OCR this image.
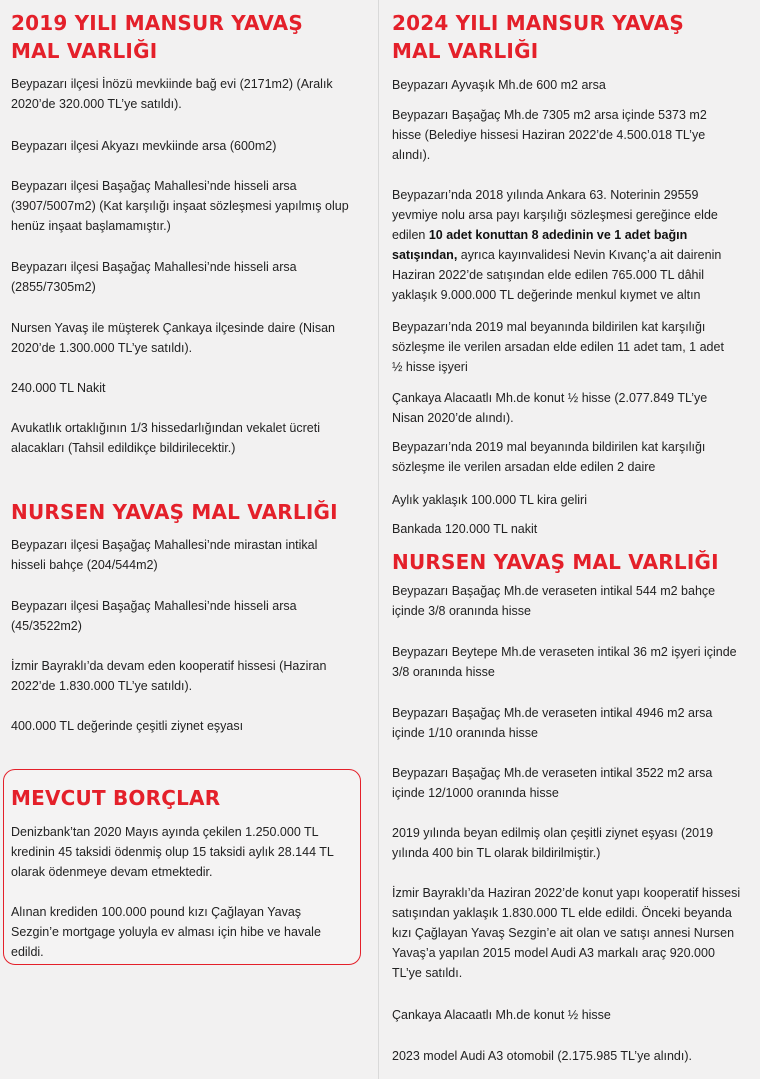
2019 YILI MANSUR YAVAŞ
MAL VARLIĞI

Beypazarı ilçesi İnözü mevkiinde bağ evi (2171m2) (Aralık 2020’de 320.000 TL’ye satıldı).

Beypazarı ilçesi Akyazı mevkiinde arsa (600m2)

Beypazarı ilçesi Başağaç Mahallesi’nde hisseli arsa (3907/5007m2) (Kat karşılığı inşaat sözleşmesi yapılmış olup henüz inşaat başlamamıştır.)

Beypazarı ilçesi Başağaç Mahallesi’nde hisseli arsa (2855/7305m2)

Nursen Yavaş ile müşterek Çankaya ilçesinde daire (Nisan 2020’de 1.300.000 TL’ye satıldı).

240.000 TL Nakit

Avukatlık ortaklığının 1/3 hissedarlığından vekalet ücreti alacakları (Tahsil edildikçe bildirilecektir.)

NURSEN YAVAŞ MAL VARLIĞI

Beypazarı ilçesi Başağaç Mahallesi’nde mirastan intikal hisseli bahçe (204/544m2)

Beypazarı ilçesi Başağaç Mahallesi’nde hisseli arsa (45/3522m2)

İzmir Bayraklı’da devam eden kooperatif hissesi (Haziran 2022’de 1.830.000 TL’ye satıldı).

400.000 TL değerinde çeşitli ziynet eşyası

MEVCUT BORÇLAR

Denizbank’tan 2020 Mayıs ayında çekilen 1.250.000 TL kredinin 45 taksidi ödenmiş olup 15 taksidi aylık 28.144 TL olarak ödenmeye devam etmektedir.

Alınan krediden 100.000 pound kızı Çağlayan Yavaş Sezgin’e mortgage yoluyla ev alması için hibe ve havale edildi.

2024 YILI MANSUR YAVAŞ
MAL VARLIĞI

Beypazarı Ayvaşık Mh.de 600 m2 arsa

Beypazarı Başağaç Mh.de 7305 m2 arsa içinde 5373 m2 hisse (Belediye hissesi Haziran 2022’de 4.500.018 TL’ye alındı).

Beypazarı’nda 2018 yılında Ankara 63. Noterinin 29559 yevmiye nolu arsa payı karşılığı sözleşmesi gereğince elde edilen 10 adet konuttan 8 adedinin ve 1 adet bağın satışından, ayrıca kayınvalidesi Nevin Kıvanç’a ait dairenin Haziran 2022’de satışından elde edilen 765.000 TL dâhil yaklaşık 9.000.000 TL değerinde menkul kıymet ve altın

Beypazarı’nda 2019 mal beyanında bildirilen kat karşılığı sözleşme ile verilen arsadan elde edilen 11 adet tam, 1 adet ½ hisse işyeri

Çankaya Alacaatlı Mh.de konut ½ hisse (2.077.849 TL’ye Nisan 2020’de alındı).

Beypazarı’nda 2019 mal beyanında bildirilen kat karşılığı sözleşme ile verilen arsadan elde edilen 2 daire

Aylık yaklaşık 100.000 TL kira geliri

Bankada 120.000 TL nakit

NURSEN YAVAŞ MAL VARLIĞI

Beypazarı Başağaç Mh.de veraseten intikal 544 m2 bahçe içinde 3/8 oranında hisse

Beypazarı Beytepe Mh.de veraseten intikal 36 m2 işyeri içinde 3/8 oranında hisse

Beypazarı Başağaç Mh.de veraseten intikal 4946 m2 arsa içinde 1/10 oranında hisse

Beypazarı Başağaç Mh.de veraseten intikal 3522 m2 arsa içinde 12/1000 oranında hisse

2019 yılında beyan edilmiş olan çeşitli ziynet eşyası (2019 yılında 400 bin TL olarak bildirilmiştir.)

İzmir Bayraklı’da Haziran 2022’de konut yapı kooperatif hissesi satışından yaklaşık 1.830.000 TL elde edildi. Önceki beyanda kızı Çağlayan Yavaş Sezgin’e ait olan ve satışı annesi Nursen Yavaş’a yapılan 2015 model Audi A3 markalı araç 920.000 TL’ye satıldı.

Çankaya Alacaatlı Mh.de konut ½ hisse

2023 model Audi A3 otomobil (2.175.985 TL’ye alındı).
